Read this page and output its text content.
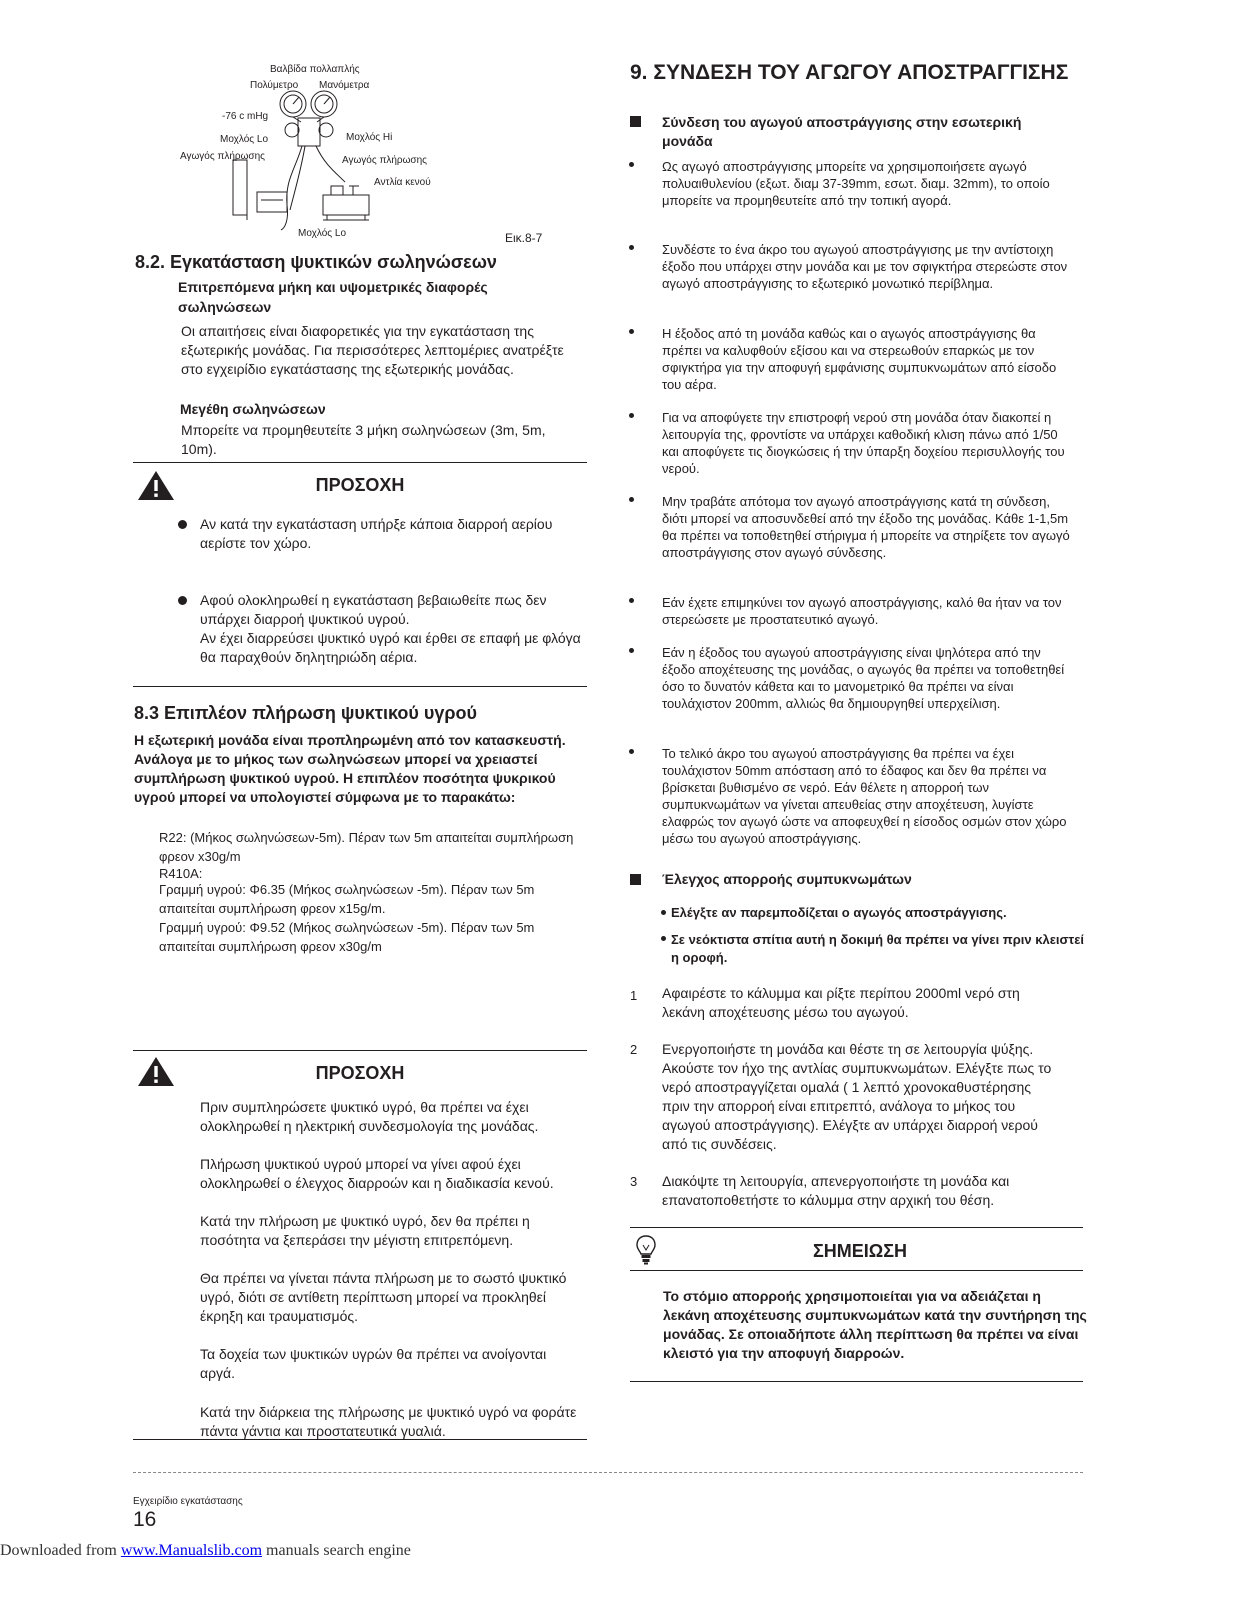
Βαλβίδα πολλαπλής
Πολύμετρο Μανόμετρα
-76 c mHg
Μοχλός Lo	Μοχλός Hi
Αγωγός πλήρωσης	Αγωγός πλήρωσης
Αντλία κενού
Μοχλός Lo	Εικ.8-7
8.2. Εγκατάσταση ψυκτικών σωληνώσεων
Επιτρεπόμενα μήκη και υψομετρικές διαφορές σωληνώσεων
Οι απαιτήσεις είναι διαφορετικές για την εγκατάσταση της εξωτερικής μονάδας. Για περισσότερες λεπτομέριες ανατρέξτε στο εγχειρίδιο εγκατάστασης της εξωτερικής μονάδας.
Μεγέθη σωληνώσεων
Μπορείτε να προμηθευτείτε 3 μήκη σωληνώσεων (3m, 5m, 10m).
ΠΡΟΣΟΧΗ
Αν κατά την εγκατάσταση υπήρξε κάποια διαρροή αερίου αερίστε τον χώρο.
Αφού ολοκληρωθεί η εγκατάσταση βεβαιωθείτε πως δεν υπάρχει διαρροή ψυκτικού υγρού.
Αν έχει διαρρεύσει ψυκτικό υγρό και έρθει σε επαφή με φλόγα θα παραχθούν δηλητηριώδη αέρια.
8.3 Επιπλέον πλήρωση ψυκτικού υγρού
Η εξωτερική μονάδα είναι προπληρωμένη από τον κατασκευστή. Ανάλογα με το μήκος των σωληνώσεων μπορεί να χρειαστεί συμπλήρωση ψυκτικού υγρού. Η επιπλέον ποσότητα ψυκρικού υγρού μπορεί να υπολογιστεί σύμφωνα με το παρακάτω:
R22: (Μήκος σωληνώσεων-5m). Πέραν των 5m απαιτείται συμπλήρωση φρεον x30g/m
R410A:
Γραμμή υγρού: Φ6.35 (Μήκος σωληνώσεων -5m). Πέραν των 5m απαιτείται συμπλήρωση φρεον x15g/m.
Γραμμή υγρού: Φ9.52 (Μήκος σωληνώσεων -5m). Πέραν των 5m απαιτείται συμπλήρωση φρεον x30g/m
ΠΡΟΣΟΧΗ
Πριν συμπληρώσετε ψυκτικό υγρό, θα πρέπει να έχει ολοκληρωθεί η ηλεκτρική συνδεσμολογία της μονάδας.
Πλήρωση ψυκτικού υγρού μπορεί να γίνει αφού έχει ολοκληρωθεί ο έλεγχος διαρροών και η διαδικασία κενού.
Κατά την πλήρωση με ψυκτικό υγρό, δεν θα πρέπει η ποσότητα να ξεπεράσει την μέγιστη επιτρεπόμενη.
Θα πρέπει να γίνεται πάντα πλήρωση με το σωστό ψυκτικό υγρό, διότι σε αντίθετη περίπτωση μπορεί να προκληθεί έκρηξη και τραυματισμός.
Τα δοχεία των ψυκτικών υγρών θα πρέπει να ανοίγονται αργά.
Κατά την διάρκεια της πλήρωσης με ψυκτικό υγρό να φοράτε πάντα γάντια και προστατευτικά γυαλιά.
9. ΣΥΝΔΕΣΗ ΤΟΥ ΑΓΩΓΟΥ ΑΠΟΣΤΡΑΓΓΙΣΗΣ
Σύνδεση του αγωγού αποστράγγισης στην εσωτερική μονάδα
Ως αγωγό αποστράγγισης μπορείτε να χρησιμοποιήσετε αγωγό πολυαιθυλενίου (εξωτ. διαμ 37-39mm, εσωτ. διαμ. 32mm), το οποίο μπορείτε να προμηθευτείτε από την τοπική αγορά.
Συνδέστε το ένα άκρο του αγωγού αποστράγγισης με την αντίστοιχη έξοδο που υπάρχει στην μονάδα και με τον σφιγκτήρα στερεώστε στον αγωγό αποστράγγισης το εξωτερικό μονωτικό περίβλημα.
Η έξοδος από τη μονάδα καθώς και ο αγωγός αποστράγγισης θα πρέπει να καλυφθούν εξίσου και να στερεωθούν επαρκώς με τον σφιγκτήρα για την αποφυγή εμφάνισης συμπυκνωμάτων από είσοδο του αέρα.
Για να αποφύγετε την επιστροφή νερού στη μονάδα όταν διακοπεί η λειτουργία της, φροντίστε να υπάρχει καθοδική κλιση πάνω από 1/50 και αποφύγετε τις διογκώσεις ή την ύπαρξη δοχείου περισυλλογής του νερού.
Μην τραβάτε απότομα τον αγωγό αποστράγγισης κατά τη σύνδεση, διότι μπορεί να αποσυνδεθεί από την έξοδο της μονάδας. Κάθε 1-1,5m θα πρέπει να τοποθετηθεί στήριγμα ή μπορείτε να στηρίξετε τον αγωγό αποστράγγισης στον αγωγό σύνδεσης.
Εάν έχετε επιμηκύνει τον αγωγό αποστράγγισης, καλό θα ήταν να τον στερεώσετε με προστατευτικό αγωγό.
Εάν η έξοδος του αγωγού αποστράγγισης είναι ψηλότερα από την έξοδο αποχέτευσης της μονάδας, ο αγωγός θα πρέπει να τοποθετηθεί όσο το δυνατόν κάθετα και το μανομετρικό θα πρέπει να είναι τουλάχιστον 200mm, αλλιώς θα δημιουργηθεί υπερχείλιση.
Το τελικό άκρο του αγωγού αποστράγγισης θα πρέπει να έχει τουλάχιστον 50mm απόσταση από το έδαφος και δεν θα πρέπει να βρίσκεται βυθισμένο σε νερό. Εάν θέλετε η απορροή των συμπυκνωμάτων να γίνεται απευθείας στην αποχέτευση, λυγίστε ελαφρώς τον αγωγό ώστε να αποφευχθεί η είσοδος οσμών στον χώρο μέσω του αγωγού αποστράγγισης.
Έλεγχος απορροής συμπυκνωμάτων
Ελέγξτε αν παρεμποδίζεται ο αγωγός αποστράγγισης.
Σε νεόκτιστα σπίτια αυτή η δοκιμή θα πρέπει να γίνει πριν κλειστεί η οροφή.
1 Αφαιρέστε το κάλυμμα και ρίξτε περίπου 2000ml νερό στη λεκάνη αποχέτευσης μέσω του αγωγού.
2 Ενεργοποιήστε τη μονάδα και θέστε τη σε λειτουργία ψύξης. Ακούστε τον ήχο της αντλίας συμπυκνωμάτων. Ελέγξτε πως το νερό αποστραγγίζεται ομαλά ( 1 λεπτό χρονοκαθυστέρησης πριν την απορροή είναι επιτρεπτό, ανάλογα το μήκος του αγωγού αποστράγγισης). Ελέγξτε αν υπάρχει διαρροή νερού από τις συνδέσεις.
3 Διακόψτε τη λειτουργία, απενεργοποιήστε τη μονάδα και επανατοποθετήστε το κάλυμμα στην αρχική του θέση.
ΣΗΜΕΙΩΣΗ
Το στόμιο απορροής χρησιμοποιείται για να αδειάζεται η λεκάνη αποχέτευσης συμπυκνωμάτων κατά την συντήρηση της μονάδας. Σε οποιαδήποτε άλλη περίπτωση θα πρέπει να είναι κλειστό για την αποφυγή διαρροών.
Εγχειρίδιο εγκατάστασης
16
Downloaded from www.Manualslib.com manuals search engine
